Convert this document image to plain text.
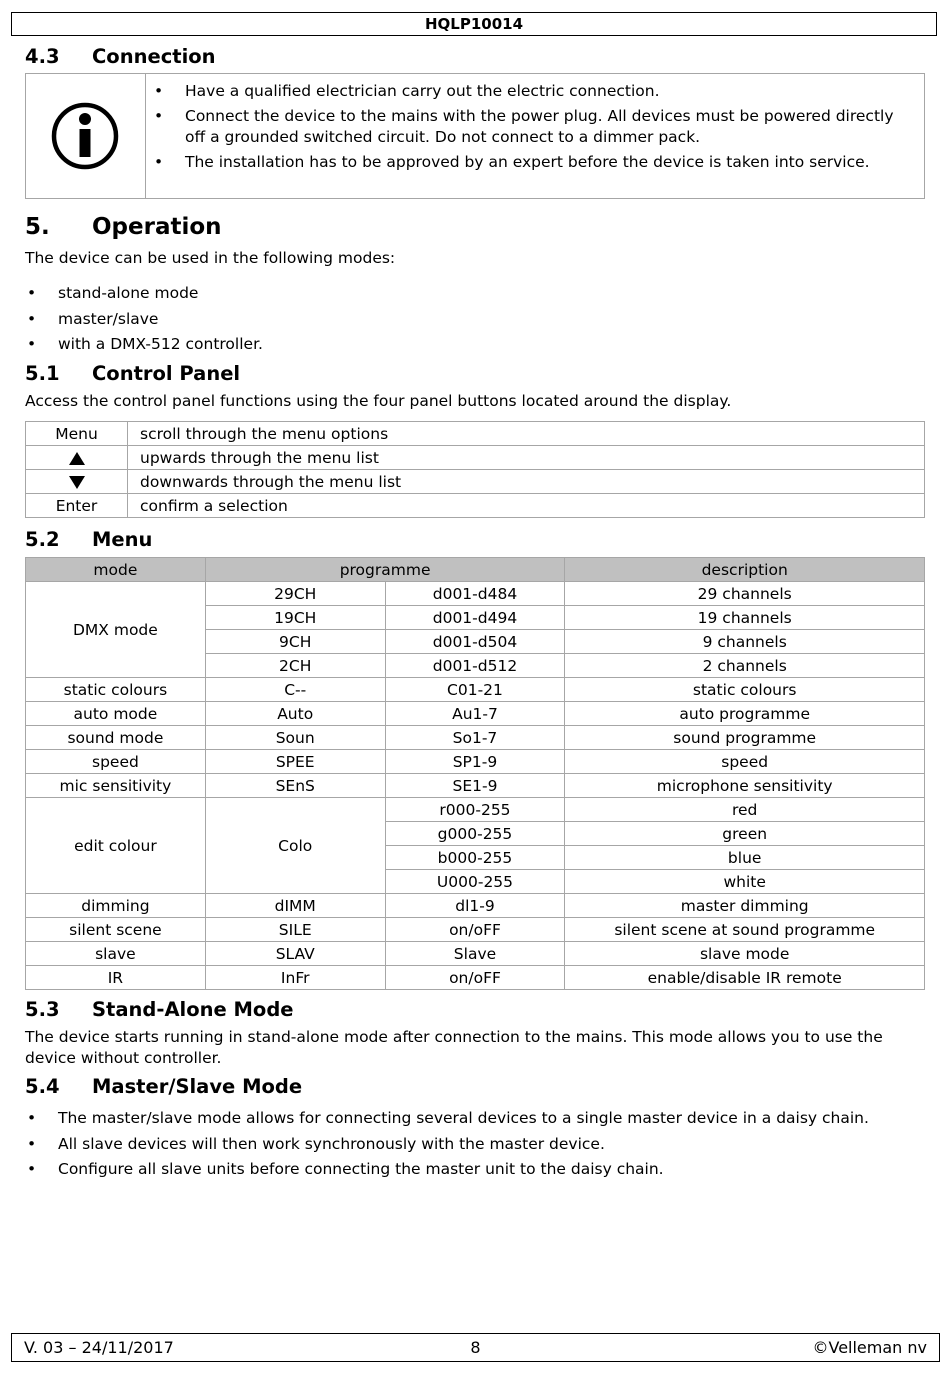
HQLP10014
4.3 Connection
• Have a qualified electrician carry out the electric connection.
• Connect the device to the mains with the power plug. All devices must be powered directly off a grounded switched circuit. Do not connect to a dimmer pack.
• The installation has to be approved by an expert before the device is taken into service.
5. Operation

The device can be used in the following modes:

• stand-alone mode
• master/slave
• with a DMX-512 controller.
5.1 Control Panel

Access the control panel functions using the four panel buttons located around the display.

Menu	scroll through the menu options
	upwards through the menu list
	downwards through the menu list
Enter	confirm a selection
5.2 Menu
mode	programme		description
DMX mode	29CH	d001-d484	29 channels
	19CH	d001-d494	19 channels
	9CH	d001-d504	9 channels
	2CH	d001-d512	2 channels
static colours	C--	C01-21	static colours
auto mode	Auto	Au1-7	auto programme
sound mode	Soun	So1-7	sound programme
speed	SPEE	SP1-9	speed
mic sensitivity	SEnS	SE1-9	microphone sensitivity
edit colour	Colo	r000-255	red
		g000-255	green
		b000-255	blue
		U000-255	white
dimming	dIMM	dl1-9	master dimming
silent scene	SILE	on/oFF	silent scene at sound programme
slave	SLAV	Slave	slave mode
IR	InFr	on/oFF	enable/disable IR remote
5.3 Stand-Alone Mode

The device starts running in stand-alone mode after connection to the mains. This mode allows you to use the device without controller.

5.4 Master/Slave Mode
• The master/slave mode allows for connecting several devices to a single master device in a daisy chain.
• All slave devices will then work synchronously with the master device.
• Configure all slave units before connecting the master unit to the daisy chain.
V. 03 – 24/11/2017	8	©Velleman nv
